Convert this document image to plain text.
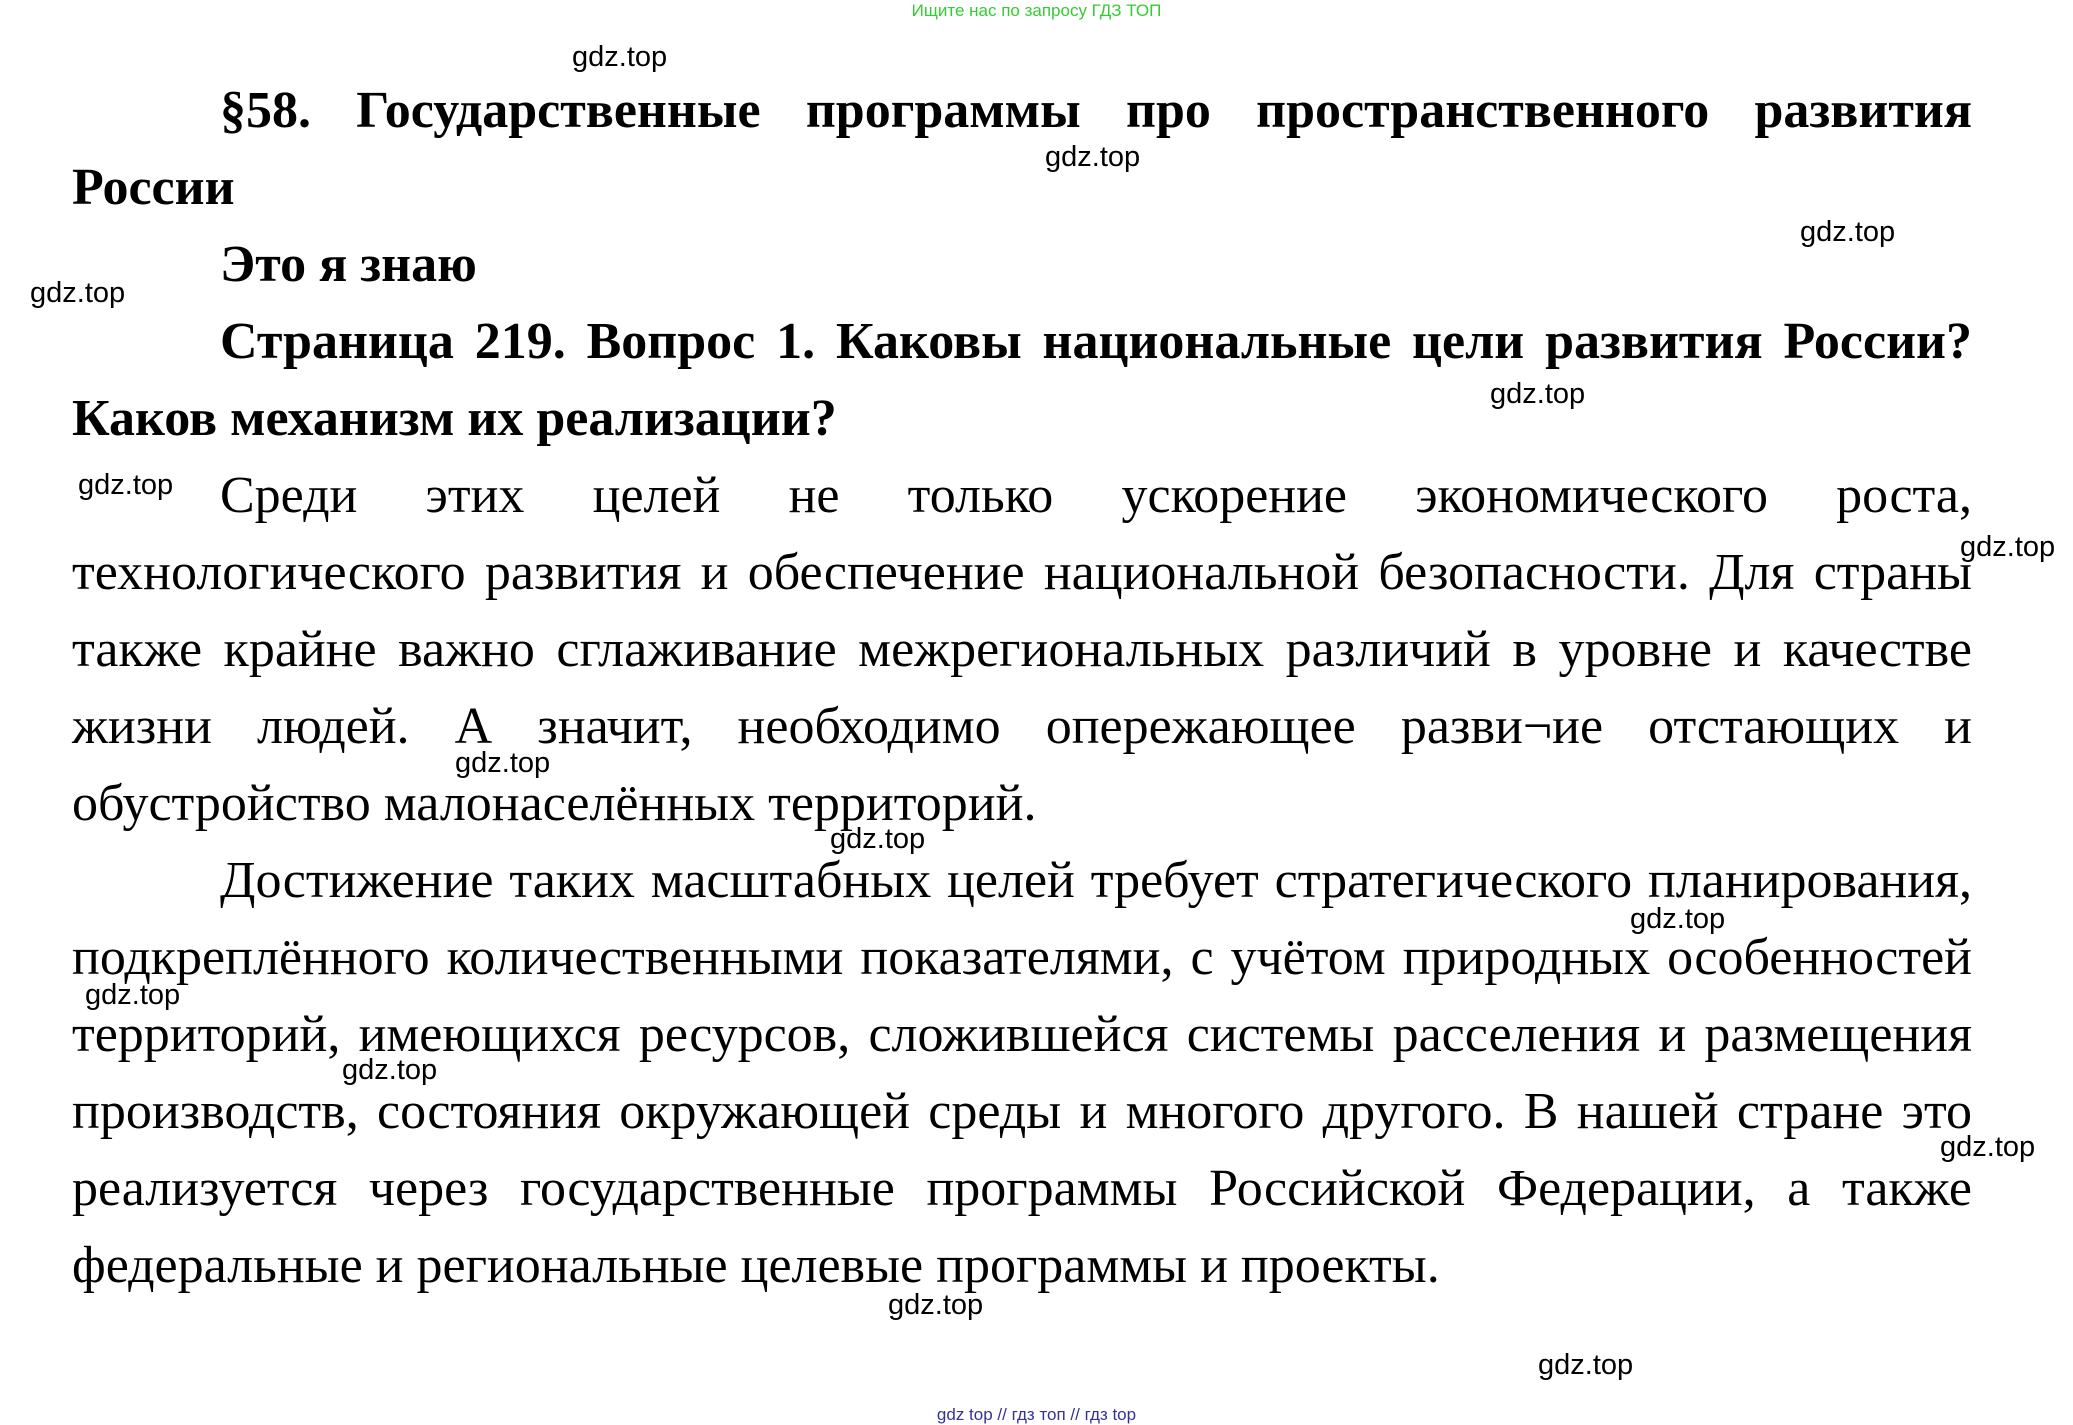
Ищите нас по запросу ГДЗ ТОП

§58. Государственные программы про пространственного развития России

Это я знаю

Страница 219. Вопрос 1. Каковы национальные цели развития России? Каков механизм их реализации?

Среди этих целей не только ускорение экономического роста, технологического развития и обеспечение национальной безопасности. Для страны также крайне важно сглаживание межрегиональных различий в уровне и качестве жизни людей. А значит, необходимо опережающее разви¬ие отстающих и обустройство малонаселённых территорий.

Достижение таких масштабных целей требует стратегического планирования, подкреплённого количественными показателями, с учётом природных особенностей территорий, имеющихся ресурсов, сложившейся системы расселения и размещения производств, состояния окружающей среды и многого другого. В нашей стране это реализуется через государственные программы Российской Федерации, а также федеральные и региональные целевые программы и проекты.

gdz.top
gdz.top
gdz.top
gdz.top
gdz.top
gdz.top
gdz.top
gdz.top
gdz.top
gdz.top
gdz.top
gdz.top
gdz.top
gdz.top
gdz.top
gdz top // гдз топ // гдз top
